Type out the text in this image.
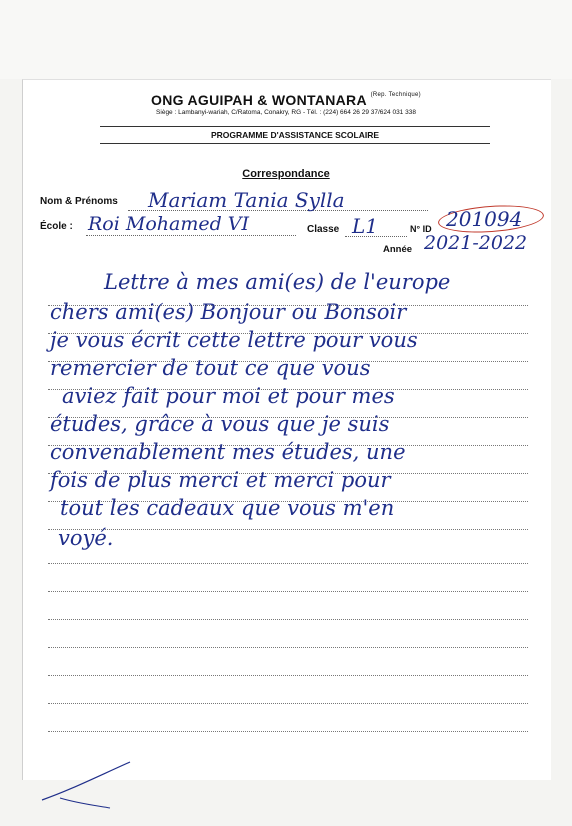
ONG AGUIPAH & WONTANARA $^{(Rep. Technique)}$
Siège : Lambanyi-wariah, C/Ratoma, Conakry, RG - Tél. : (224) 664 26 29 37/624 031 338
PROGRAMME D'ASSISTANCE SCOLAIRE
Correspondance
Nom & Prénoms Mariam Tania Sylla
École : Roi Mohamed VI	Classe L1	N° ID 201094
Année 2021-2022
Lettre à mes ami(es) de l'europe
chers ami(es) Bonjour ou Bonsoir
je vous écrit cette lettre pour vous
remercier de tout ce que vous
aviez fait pour moi et pour mes
études, grâce à vous que je suis
convenablement mes études, une
fois de plus merci et merci pour
tout les cadeaux que vous m'en
voyé.
